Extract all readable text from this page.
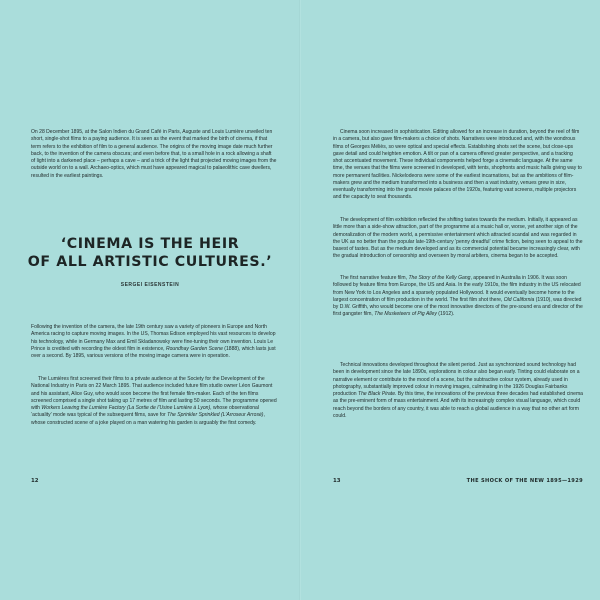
On 28 December 1895, at the Salon Indien du Grand Café in Paris, Auguste and Louis Lumière unveiled ten short, single-shot films to a paying audience. It is seen as the event that marked the birth of cinema, if that term refers to the exhibition of film to a general audience. The origins of the moving image date much further back, to the invention of the camera obscura; and even before that, to a small hole in a rock allowing a shaft of light into a darkened place – perhaps a cave – and a trick of the light that projected moving images from the outside world on to a wall. Archaeo-optics, which must have appeared magical to palaeolithic cave dwellers, resulted in the earliest paintings.

‘CINEMA IS THE HEIR
OF ALL ARTISTIC CULTURES.’
SERGEI EISENSTEIN

Following the invention of the camera, the late 19th century saw a variety of pioneers in Europe and North America racing to capture moving images. In the US, Thomas Edison employed his vast resources to develop his technology, while in Germany Max and Emil Skladanowsky were fine-tuning their own invention. Louis Le Prince is credited with recording the oldest film in existence, Roundhay Garden Scene (1888), which lasts just over a second. By 1895, various versions of the moving image camera were in operation.

The Lumières first screened their films to a private audience at the Society for the Development of the National Industry in Paris on 22 March 1895. That audience included future film studio owner Léon Gaumont and his assistant, Alice Guy, who would soon become the first female film-maker. Each of the ten films screened comprised a single shot taking up 17 metres of film and lasting 50 seconds. The programme opened with Workers Leaving the Lumière Factory (La Sortie de l’Usine Lumière à Lyon), whose observational ‘actuality’ mode was typical of the subsequent films, save for The Sprinkler Sprinkled (L’Arroseur Arrosé), whose constructed scene of a joke played on a man watering his garden is arguably the first comedy.

12

Cinema soon increased in sophistication. Editing allowed for an increase in duration, beyond the reel of film in a camera, but also gave film-makers a choice of shots. Narratives were introduced and, with the wondrous films of Georges Méliès, so were optical and special effects. Establishing shots set the scene, but close-ups gave detail and could heighten emotion. A tilt or pan of a camera offered greater perspective, and a tracking shot accentuated movement. These individual components helped forge a cinematic language. At the same time, the venues that the films were screened in developed, with tents, shopfronts and music halls giving way to more permanent facilities. Nickelodeons were some of the earliest incarnations, but as the ambitions of film-makers grew and the medium transformed into a business and then a vast industry, venues grew in size, eventually transforming into the grand movie palaces of the 1920s, featuring vast screens, multiple projectors and the capacity to seat thousands.

The development of film exhibition reflected the shifting tastes towards the medium. Initially, it appeared as little more than a side-show attraction, part of the programme at a music hall or, worse, yet another sign of the demoralization of the modern world, a permissive entertainment which attracted scandal and was regarded in the UK as no better than the popular late-19th-century ‘penny dreadful’ crime fiction, being seen to appeal to the basest of tastes. But as the medium developed and as its commercial potential became increasingly clear, with the gradual introduction of censorship and overseen by moral arbiters, cinema began to be accepted.

The first narrative feature film, The Story of the Kelly Gang, appeared in Australia in 1906. It was soon followed by feature films from Europe, the US and Asia. In the early 1910s, the film industry in the US relocated from New York to Los Angeles and a sparsely populated Hollywood. It would eventually become home to the largest concentration of film production in the world. The first film shot there, Old California (1910), was directed by D.W. Griffith, who would become one of the most innovative directors of the pre-sound era and director of the first gangster film, The Musketeers of Pig Alley (1912).

Technical innovations developed throughout the silent period. Just as synchronized sound technology had been in development since the late 1890s, explorations in colour also began early. Tinting could elaborate on a narrative element or contribute to the mood of a scene, but the subtractive colour system, already used in photography, substantially improved colour in moving images, culminating in the 1926 Douglas Fairbanks production The Black Pirate. By this time, the innovations of the previous three decades had established cinema as the pre-eminent form of mass entertainment. And with its increasingly complex visual language, which could reach beyond the borders of any country, it was able to reach a global audience in a way that no other art form could.

13	THE SHOCK OF THE NEW 1895—1929
